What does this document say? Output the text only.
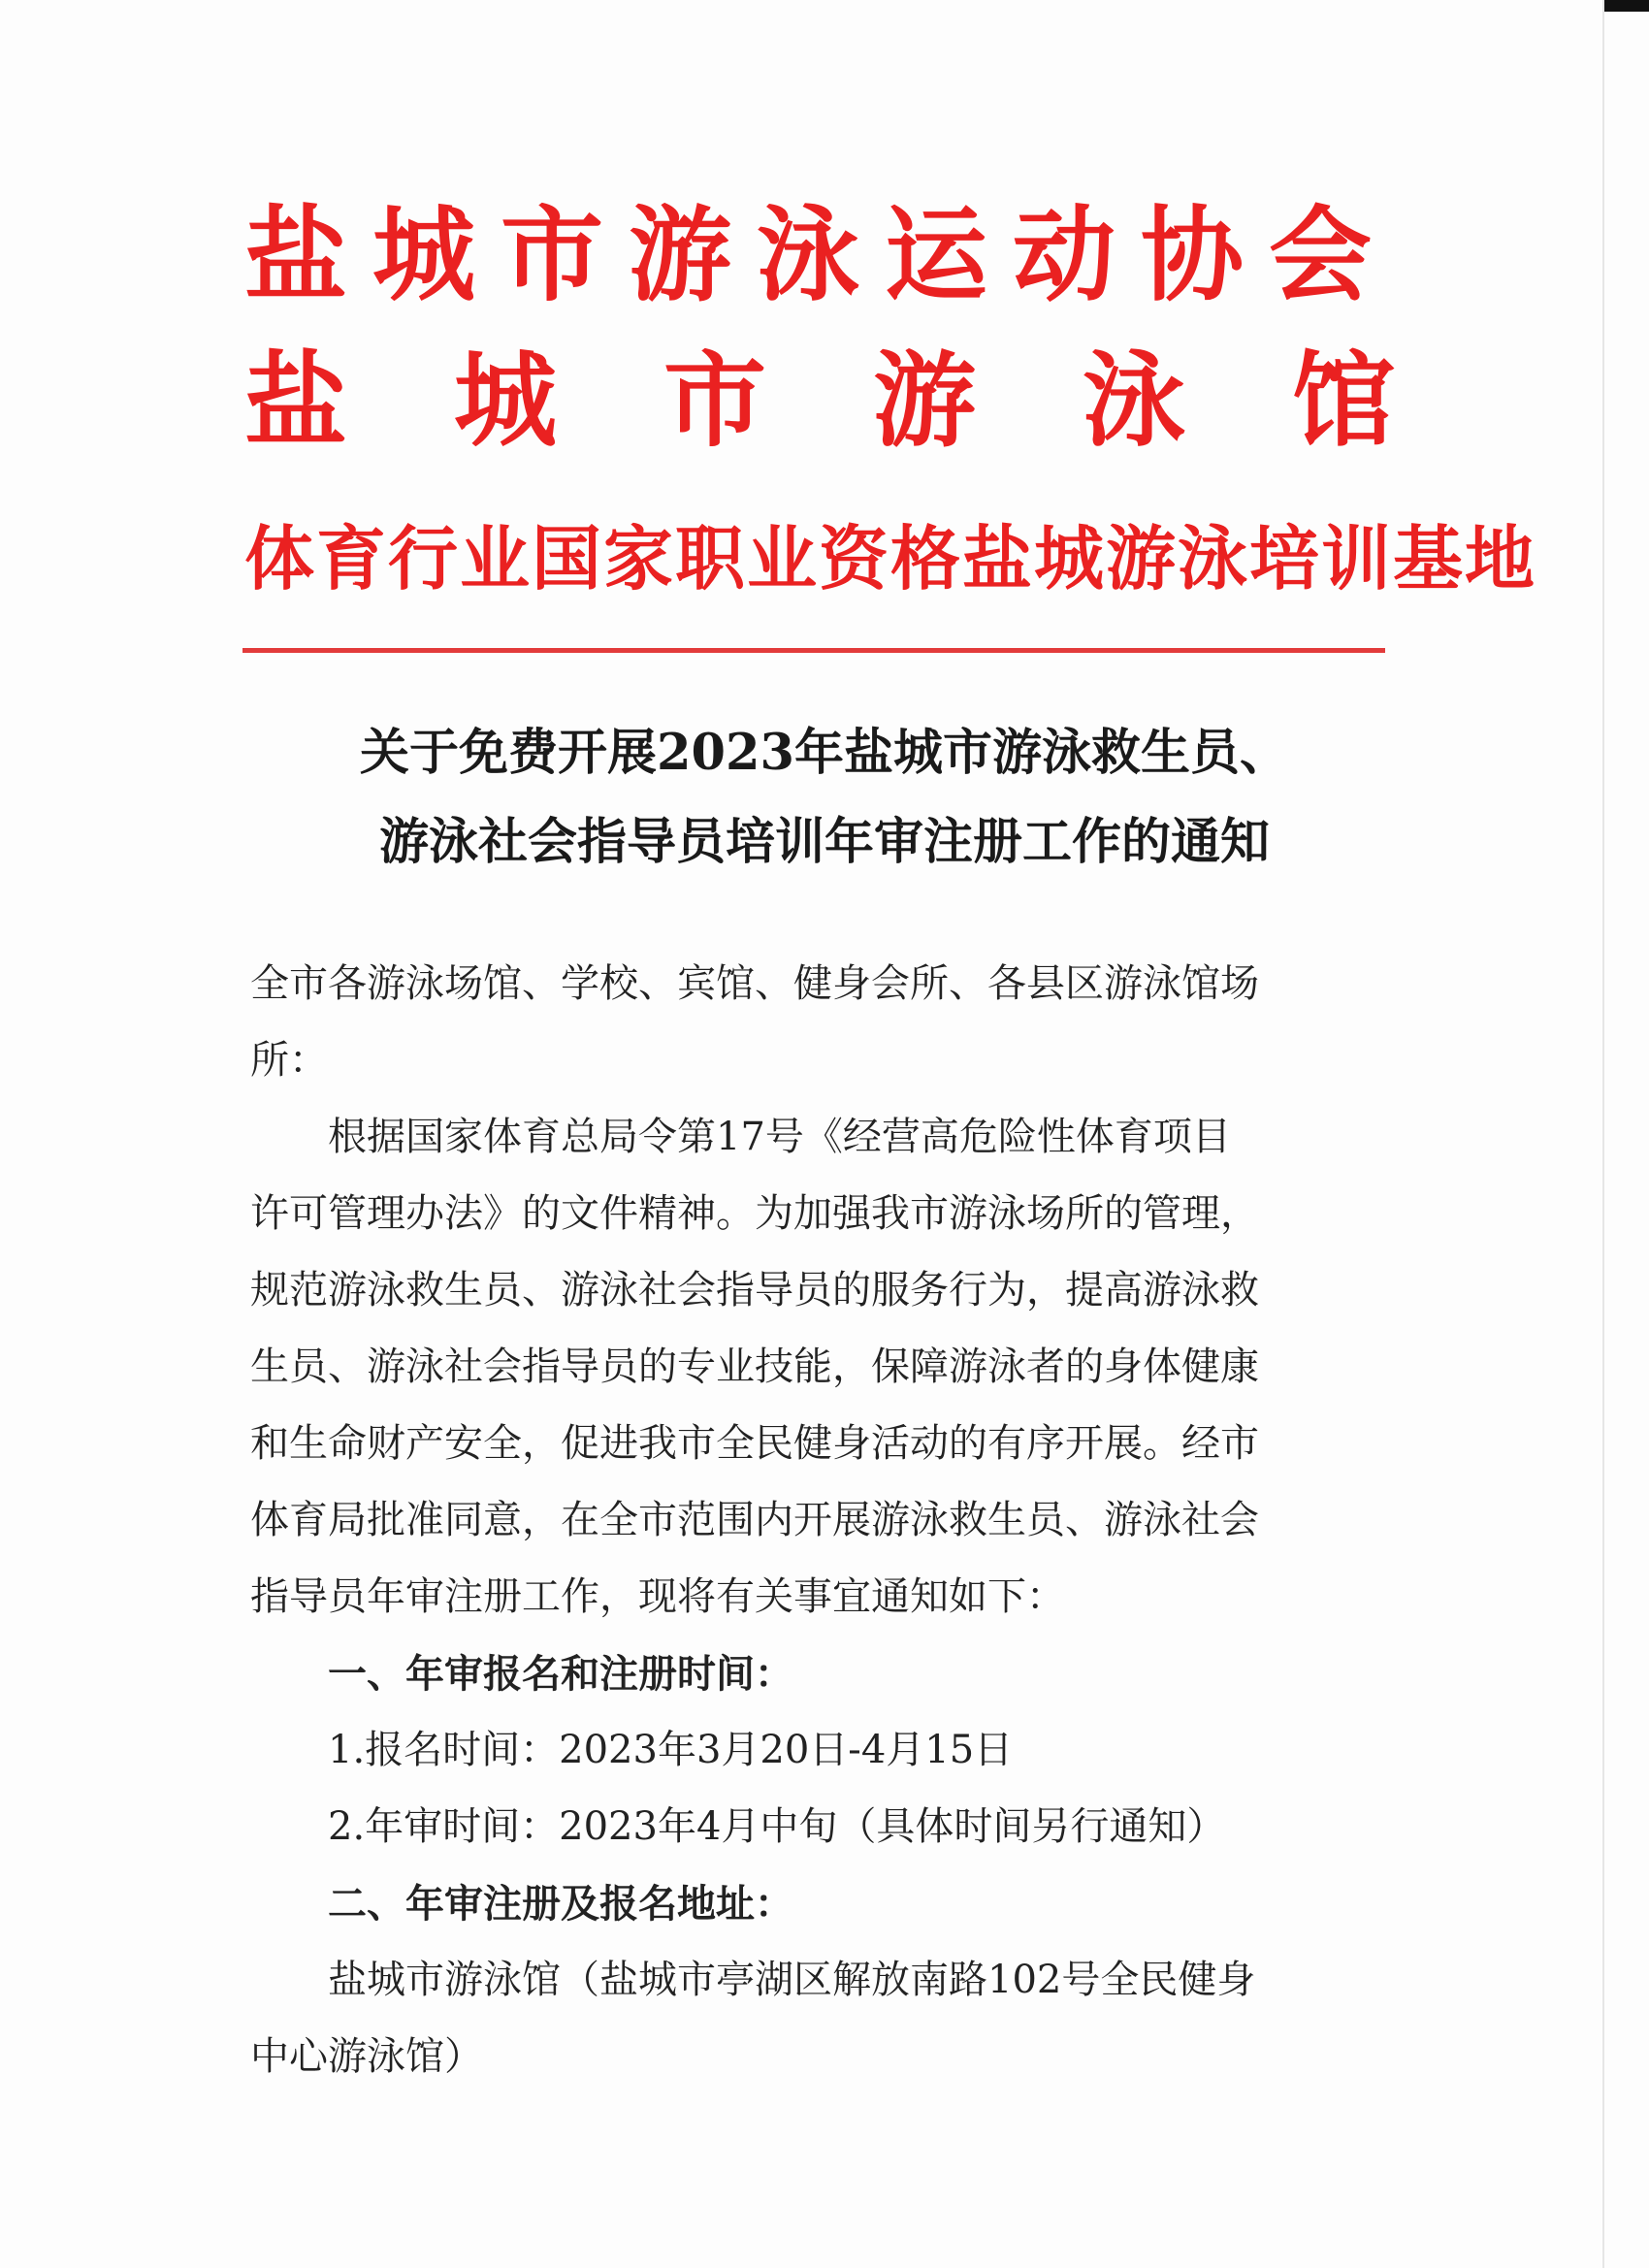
盐城市游泳运动协会
盐城市游泳馆
体育行业国家职业资格盐城游泳培训基地
关于免费开展2023年盐城市游泳救生员、
游泳社会指导员培训年审注册工作的通知

全市各游泳场馆、学校、宾馆、健身会所、各县区游泳馆场

所：

根据国家体育总局令第17号《经营高危险性体育项目

许可管理办法》的文件精神。为加强我市游泳场所的管理，

规范游泳救生员、游泳社会指导员的服务行为，提高游泳救

生员、游泳社会指导员的专业技能，保障游泳者的身体健康

和生命财产安全，促进我市全民健身活动的有序开展。经市

体育局批准同意，在全市范围内开展游泳救生员、游泳社会

指导员年审注册工作，现将有关事宜通知如下：

一、年审报名和注册时间：

1.报名时间：2023年3月20日-4月15日

2.年审时间：2023年4月中旬（具体时间另行通知）

二、年审注册及报名地址：

盐城市游泳馆（盐城市亭湖区解放南路102号全民健身

中心游泳馆）
